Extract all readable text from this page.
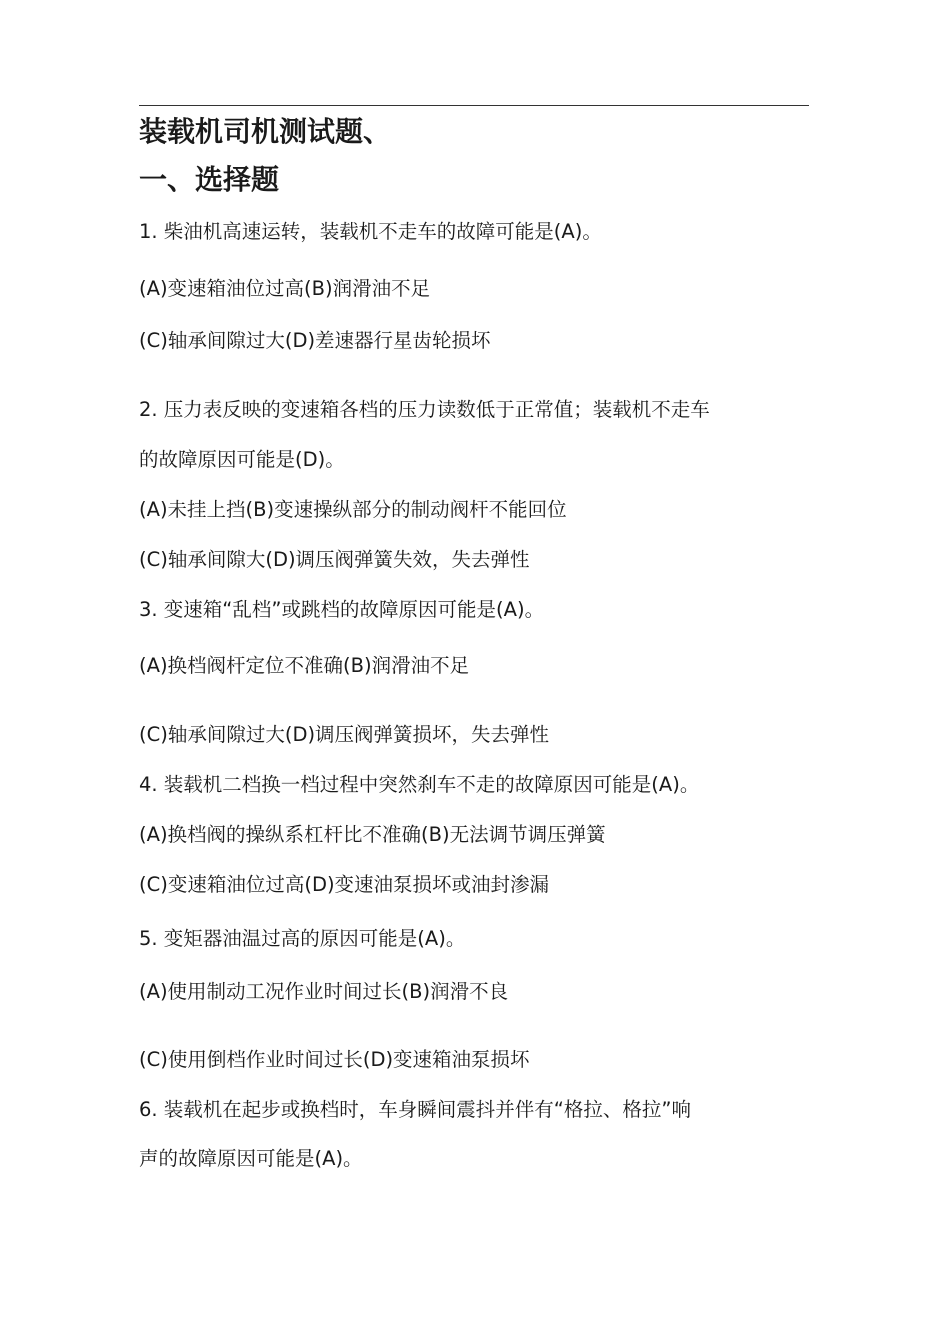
装载机司机测试题、
一、选择题
1. 柴油机高速运转，装载机不走车的故障可能是(A)。
(A)变速箱油位过高(B)润滑油不足
(C)轴承间隙过大(D)差速器行星齿轮损坏
2. 压力表反映的变速箱各档的压力读数低于正常值；装载机不走车
的故障原因可能是(D)。
(A)未挂上挡(B)变速操纵部分的制动阀杆不能回位
(C)轴承间隙大(D)调压阀弹簧失效，失去弹性
3. 变速箱“乱档”或跳档的故障原因可能是(A)。
(A)换档阀杆定位不准确(B)润滑油不足
(C)轴承间隙过大(D)调压阀弹簧损坏，失去弹性
4. 装载机二档换一档过程中突然刹车不走的故障原因可能是(A)。
(A)换档阀的操纵系杠杆比不准确(B)无法调节调压弹簧
(C)变速箱油位过高(D)变速油泵损坏或油封渗漏
5. 变矩器油温过高的原因可能是(A)。
(A)使用制动工况作业时间过长(B)润滑不良
(C)使用倒档作业时间过长(D)变速箱油泵损坏
6. 装载机在起步或换档时，车身瞬间震抖并伴有“格拉、格拉”响
声的故障原因可能是(A)。
